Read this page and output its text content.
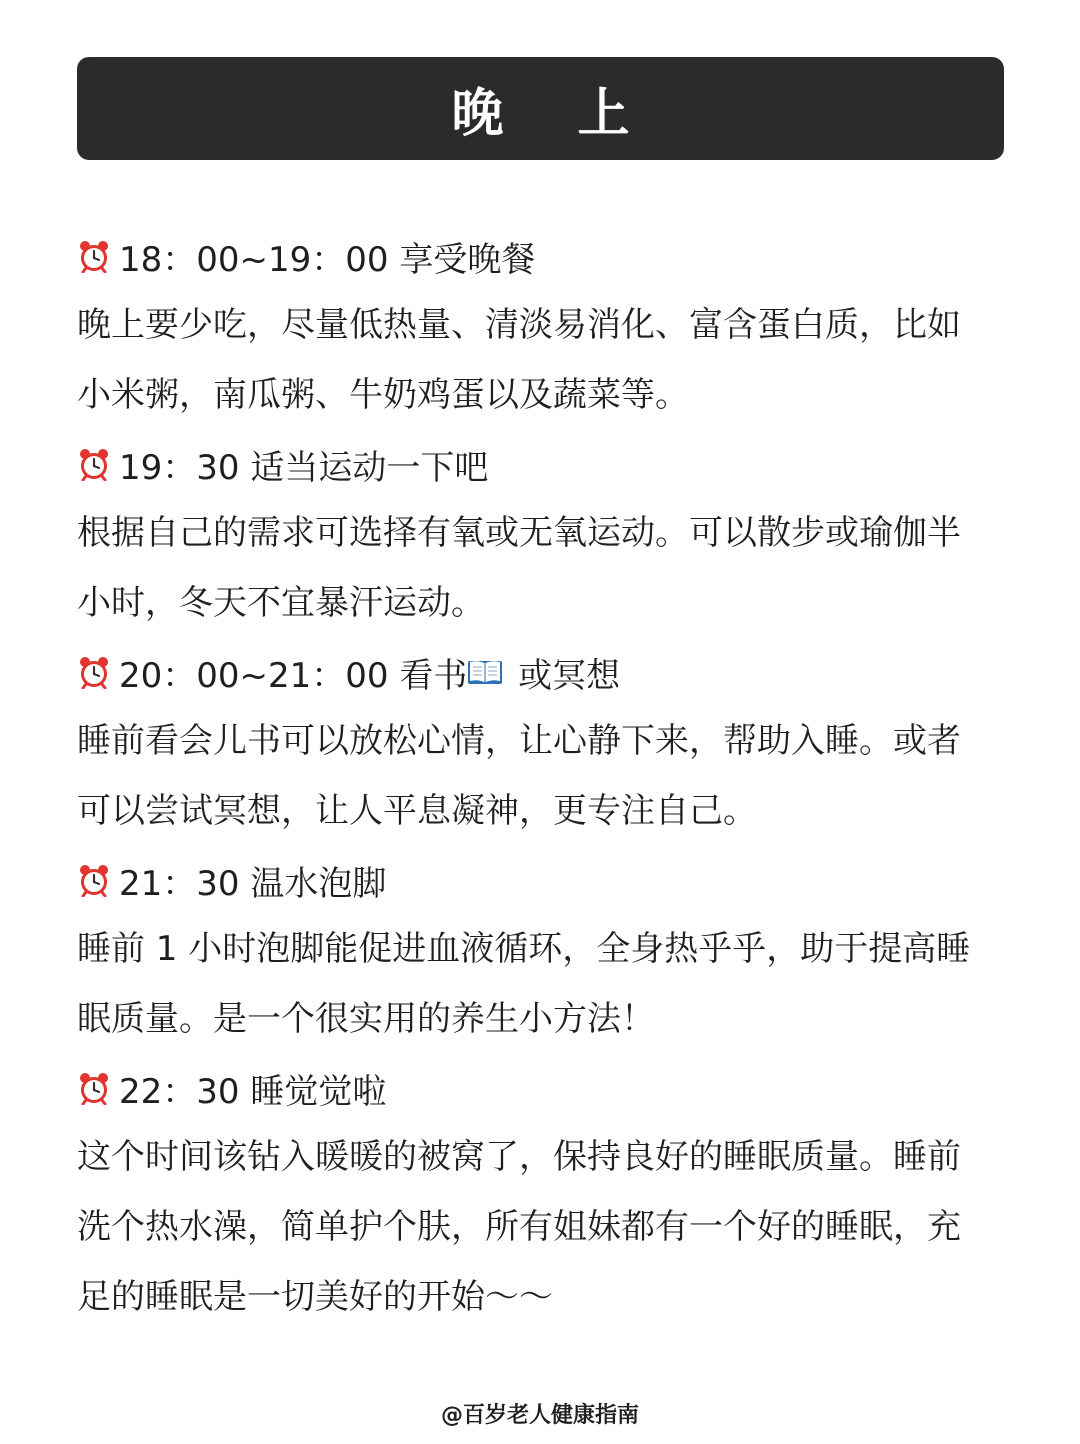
晚 上
18：00~19：00 享受晚餐
晚上要少吃，尽量低热量、清淡易消化、富含蛋白质，比如
小米粥，南瓜粥、牛奶鸡蛋以及蔬菜等。
19：30 适当运动一下吧
根据自己的需求可选择有氧或无氧运动。可以散步或瑜伽半
小时，冬天不宜暴汗运动。
20：00~21：00 看书 或冥想
睡前看会儿书可以放松心情，让心静下来，帮助入睡。或者
可以尝试冥想，让人平息凝神，更专注自己。
21：30 温水泡脚
睡前 1 小时泡脚能促进血液循环，全身热乎乎，助于提高睡
眠质量。是一个很实用的养生小方法！
22：30 睡觉觉啦
这个时间该钻入暖暖的被窝了，保持良好的睡眠质量。睡前
洗个热水澡，简单护个肤，所有姐妹都有一个好的睡眠，充
足的睡眠是一切美好的开始～～
@百岁老人健康指南
